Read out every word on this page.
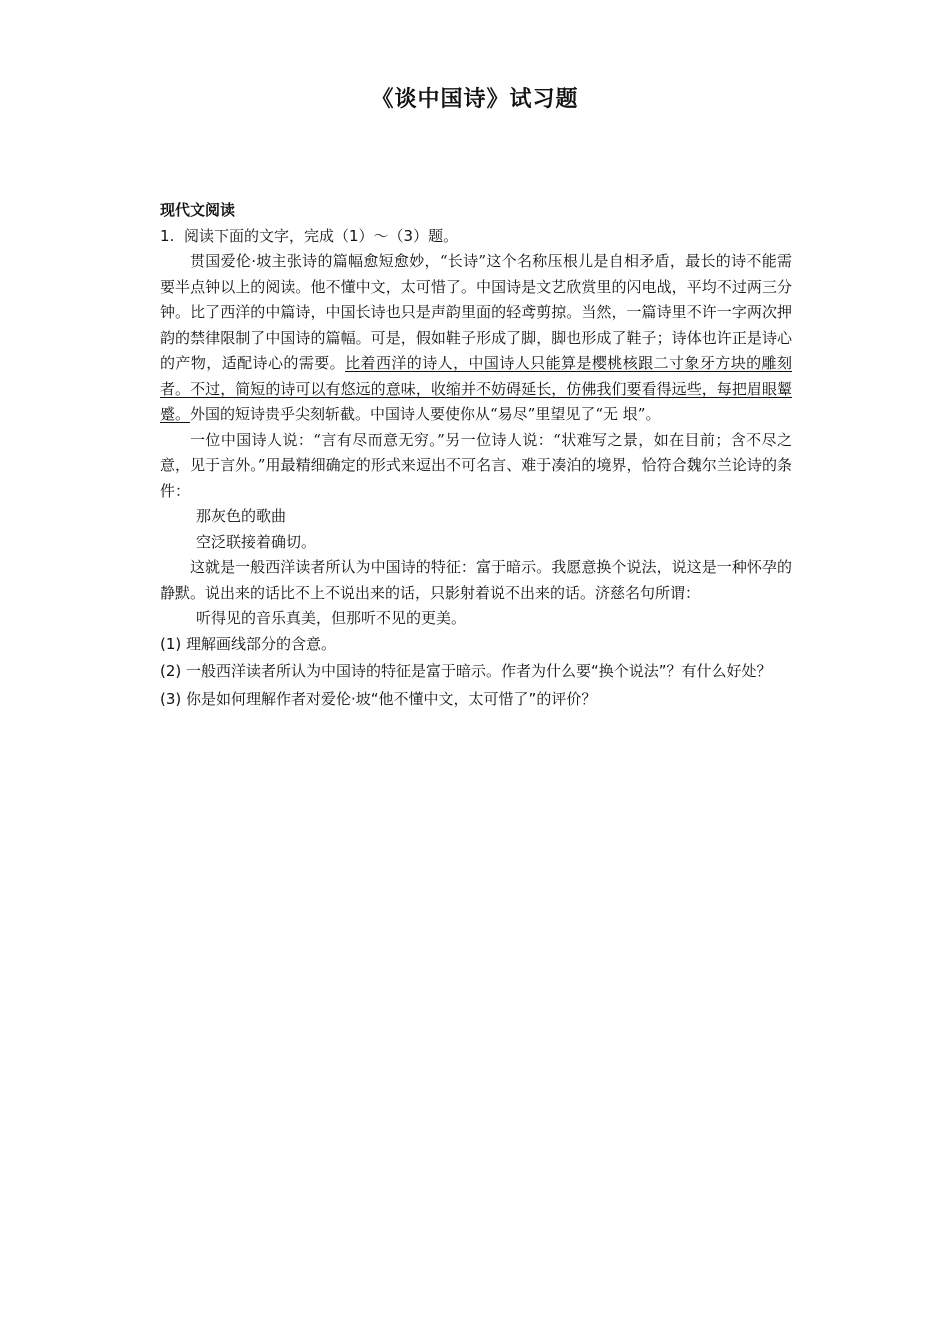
《谈中国诗》试习题

现代文阅读

1. 阅读下面的文字，完成（1）～（3）题。

贯国爱伦·坡主张诗的篇幅愈短愈妙，“长诗”这个名称压根儿是自相矛盾，最长的诗不能需要半点钟以上的阅读。他不懂中文，太可惜了。中国诗是文艺欣赏里的闪电战，平均不过两三分钟。比了西洋的中篇诗，中国长诗也只是声韵里面的轻鸢剪掠。当然，一篇诗里不许一字两次押韵的禁律限制了中国诗的篇幅。可是，假如鞋子形成了脚，脚也形成了鞋子；诗体也许正是诗心的产物，适配诗心的需要。比着西洋的诗人，中国诗人只能算是樱桃核跟二寸象牙方块的雕刻者。不过，简短的诗可以有悠远的意味，收缩并不妨碍延长，仿佛我们要看得远些，每把眉眼颦蹙。外国的短诗贵乎尖刻斩截。中国诗人要使你从“易尽”里望见了“无 垠”。

一位中国诗人说：“言有尽而意无穷。”另一位诗人说：“状难写之景，如在目前；含不尽之意，见于言外。”用最精细确定的形式来逗出不可名言、难于凑泊的境界，恰符合魏尔兰论诗的条件：

那灰色的歌曲

空泛联接着确切。

这就是一般西洋读者所认为中国诗的特征：富于暗示。我愿意换个说法，说这是一种怀孕的静默。说出来的话比不上不说出来的话，只影射着说不出来的话。济慈名句所谓：

听得见的音乐真美，但那听不见的更美。

(1) 理解画线部分的含意。

(2) 一般西洋读者所认为中国诗的特征是富于暗示。作者为什么要“换个说法”？有什么好处？

(3) 你是如何理解作者对爱伦·坡“他不懂中文，太可惜了”的评价？
